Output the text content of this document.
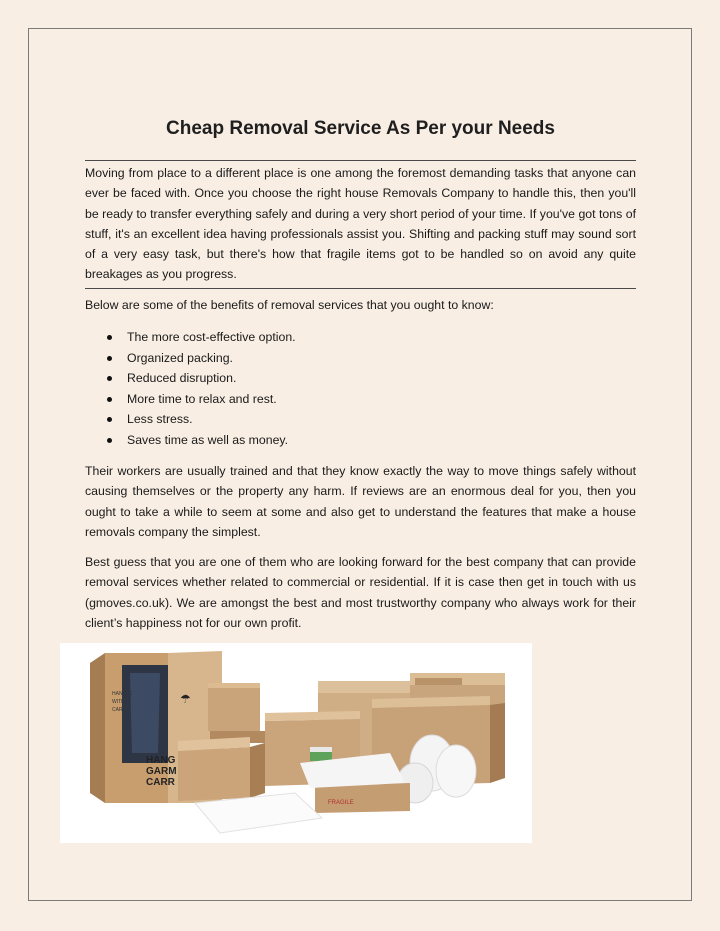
Cheap Removal Service As Per your Needs
Moving from place to a different place is one among the foremost demanding tasks that anyone can ever be faced with. Once you choose the right house Removals Company to handle this, then you'll be ready to transfer everything safely and during a very short period of your time. If you've got tons of stuff, it's an excellent idea having professionals assist you. Shifting and packing stuff may sound sort of a very easy task, but there's how that fragile items got to be handled so on avoid any quite breakages as you progress.

Below are some of the benefits of removal services that you ought to know:

The more cost-effective option.
Organized packing.
Reduced disruption.
More time to relax and rest.
Less stress.
Saves time as well as money.

Their workers are usually trained and that they know exactly the way to move things safely without causing themselves or the property any harm. If reviews are an enormous deal for you, then you ought to take a while to seem at some and also get to understand the features that make a house removals company the simplest.

Best guess that you are one of them who are looking forward for the best company that can provide removal services whether related to commercial or residential. If it is case then get in touch with us (gmoves.co.uk). We are amongst the best and most trustworthy company who always work for their client’s happiness not for our own profit.

HANDLE
WITH
CARE
☂
HANG
GARM
CARR
FRAGILE
